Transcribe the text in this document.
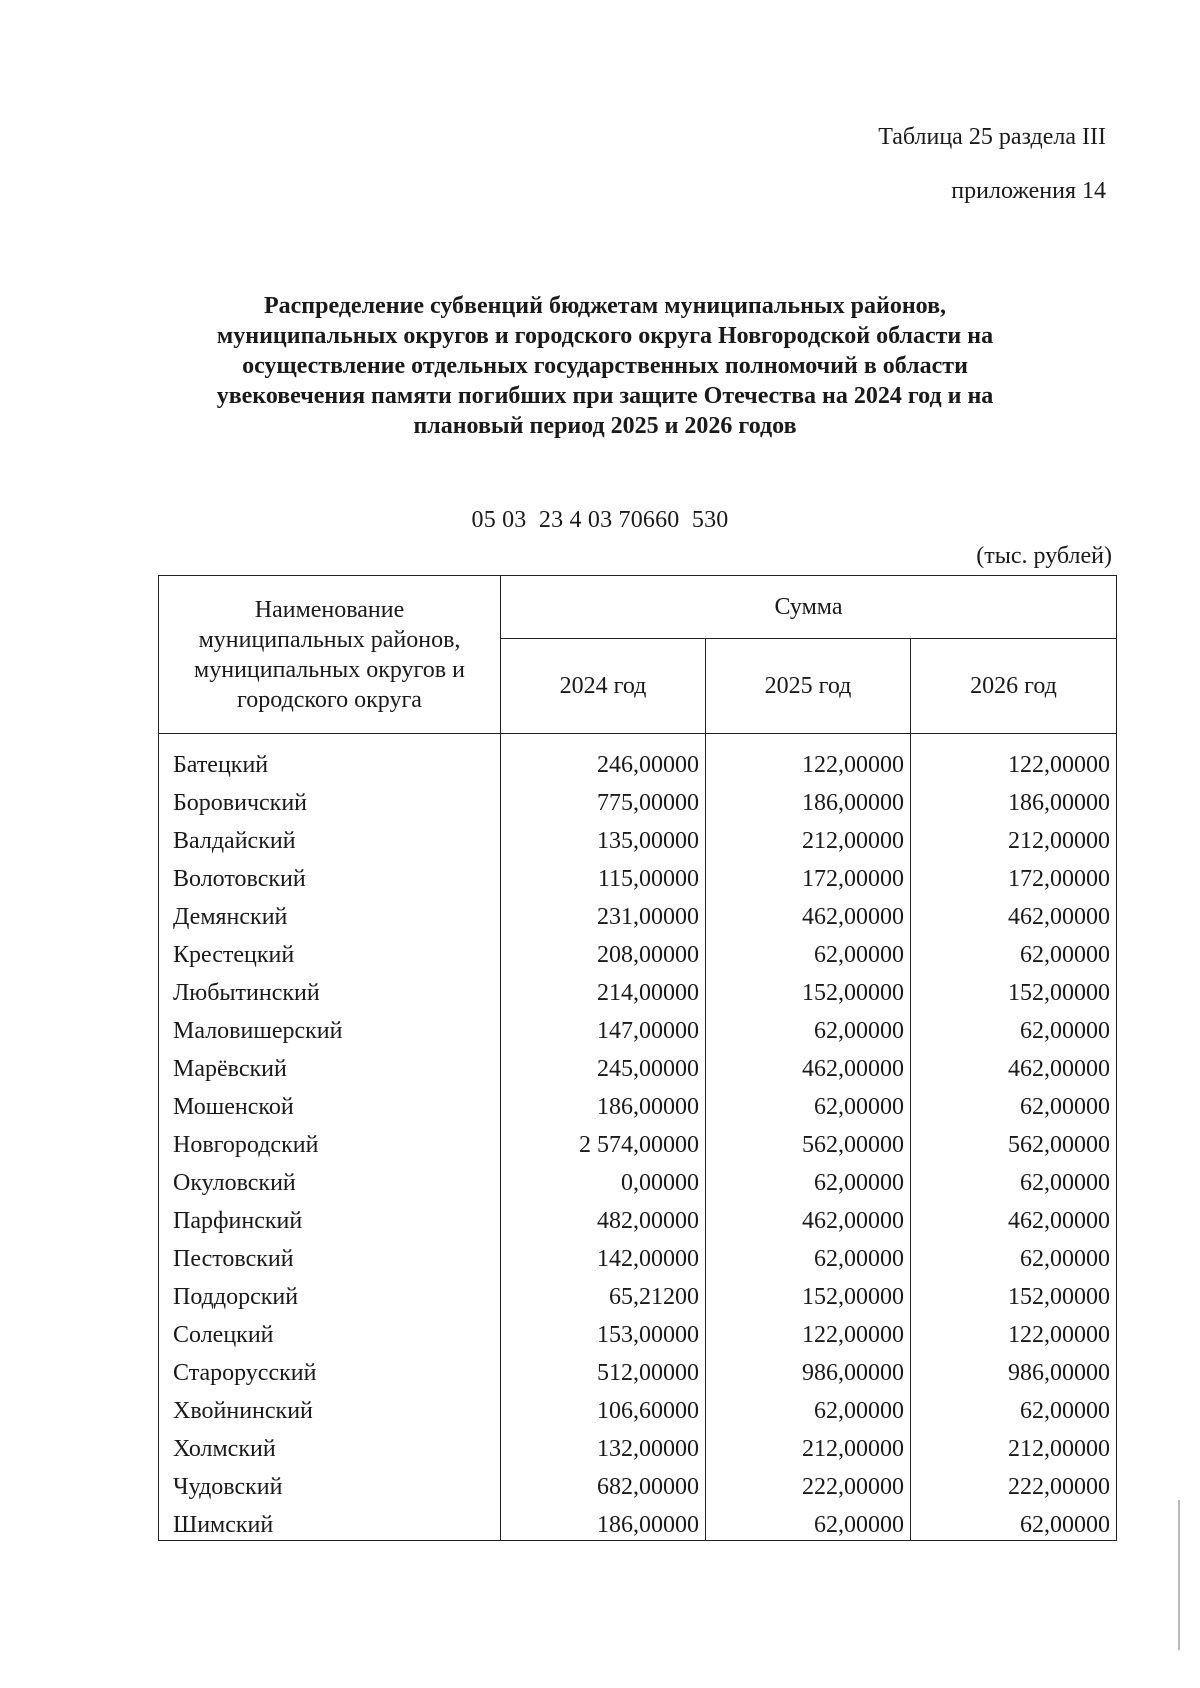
Таблица 25 раздела III
приложения 14
Распределение субвенций бюджетам муниципальных районов,
муниципальных округов и городского округа Новгородской области на
осуществление отдельных государственных полномочий в области
увековечения памяти погибших при защите Отечества на 2024 год и на
плановый период 2025 и 2026 годов
05 03  23 4 03 70660  530
(тыс. рублей)
Наименование
муниципальных районов,
муниципальных округов и
городского округа	Сумма		
	2024 год	2025 год	2026 год

Батецкий	246,00000	122,00000	122,00000
Боровичский	775,00000	186,00000	186,00000
Валдайский	135,00000	212,00000	212,00000
Волотовский	115,00000	172,00000	172,00000
Демянский	231,00000	462,00000	462,00000
Крестецкий	208,00000	62,00000	62,00000
Любытинский	214,00000	152,00000	152,00000
Маловишерский	147,00000	62,00000	62,00000
Марёвский	245,00000	462,00000	462,00000
Мошенской	186,00000	62,00000	62,00000
Новгородский	2 574,00000	562,00000	562,00000
Окуловский	0,00000	62,00000	62,00000
Парфинский	482,00000	462,00000	462,00000
Пестовский	142,00000	62,00000	62,00000
Поддорский	65,21200	152,00000	152,00000
Солецкий	153,00000	122,00000	122,00000
Старорусский	512,00000	986,00000	986,00000
Хвойнинский	106,60000	62,00000	62,00000
Холмский	132,00000	212,00000	212,00000
Чудовский	682,00000	222,00000	222,00000
Шимский	186,00000	62,00000	62,00000
